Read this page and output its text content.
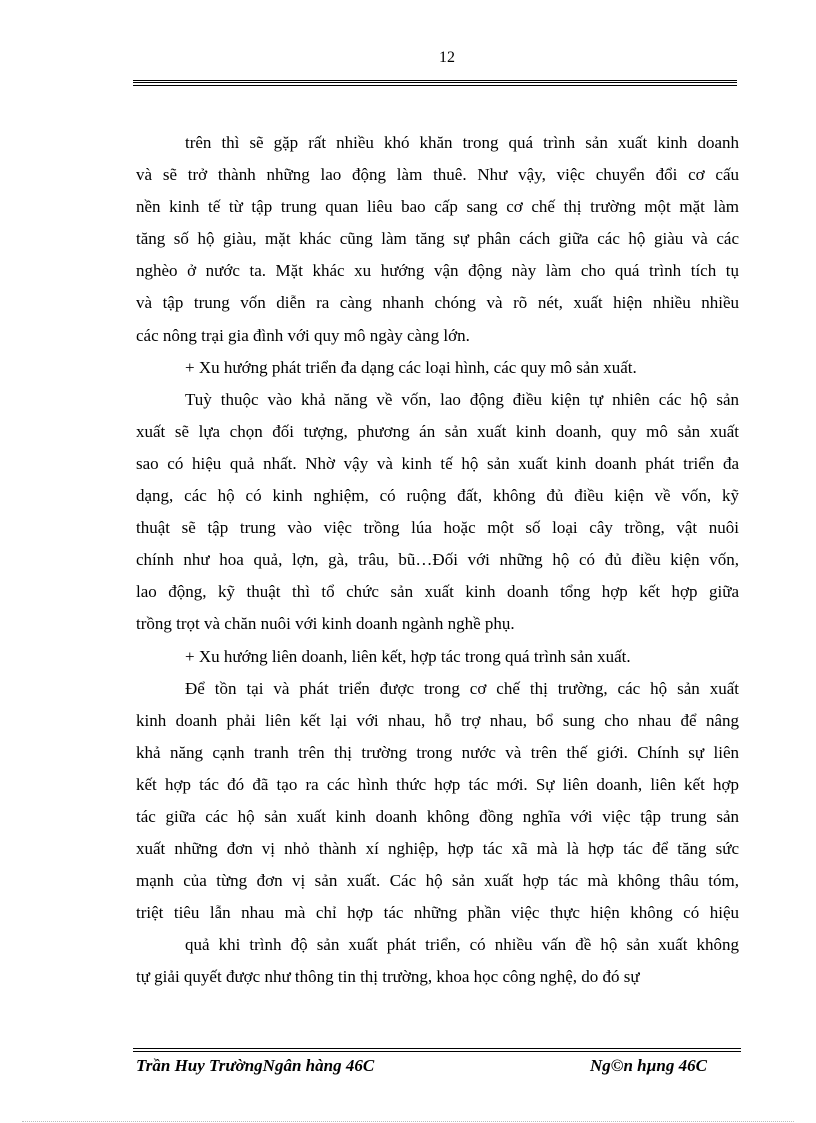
12
trên thì sẽ gặp rất nhiều khó khăn trong quá trình sản xuất kinh doanh
và sẽ trở thành những lao động làm thuê. Như vậy, việc chuyển đổi cơ cấu
nền kinh tế từ tập trung quan liêu bao cấp sang cơ chế thị trường một mặt làm
tăng số hộ giàu, mặt khác cũng làm tăng sự phân cách giữa các hộ giàu và các
nghèo ở nước ta. Mặt khác xu hướng vận động này làm cho quá trình tích tụ
và tập trung vốn diễn ra càng nhanh chóng và rõ nét, xuất hiện nhiều nhiều
các nông trại gia đình với quy mô ngày càng lớn.
+ Xu hướng phát triển đa dạng các loại hình, các quy mô sản xuất.
Tuỳ thuộc vào khả năng về vốn, lao động điều kiện tự nhiên các hộ sản
xuất sẽ lựa chọn đối tượng, phương án sản xuất kinh doanh, quy mô sản xuất
sao có hiệu quả nhất. Nhờ vậy và kinh tế hộ sản xuất kinh doanh phát triển đa
dạng, các hộ có kinh nghiệm, có ruộng đất, không đủ điều kiện về vốn, kỹ
thuật sẽ tập trung vào việc trồng lúa hoặc một số loại cây trồng, vật nuôi
chính như hoa quả, lợn, gà, trâu, bũ…Đối với những hộ có đủ điều kiện vốn,
lao động, kỹ thuật thì tổ chức sản xuất kinh doanh tổng hợp kết hợp giữa
trồng trọt và chăn nuôi với kinh doanh ngành nghề phụ.
+ Xu hướng liên doanh, liên kết, hợp tác trong quá trình sản xuất.
Để tồn tại và phát triển được trong cơ chế thị trường, các hộ sản xuất
kinh doanh phải liên kết lại với nhau, hỗ trợ nhau, bổ sung cho nhau để nâng
khả năng cạnh tranh trên thị trường trong nước và trên thế giới. Chính sự liên
kết hợp tác đó đã tạo ra các hình thức hợp tác mới. Sự liên doanh, liên kết hợp
tác giữa các hộ sản xuất kinh doanh không đồng nghĩa với việc tập trung sản
xuất những đơn vị nhỏ thành xí nghiệp, hợp tác xã mà là hợp tác để tăng sức
mạnh của từng đơn vị sản xuất. Các hộ sản xuất hợp tác mà không thâu tóm,
triệt tiêu lẫn nhau mà chỉ hợp tác những phần việc thực hiện không có hiệu
quả khi trình độ sản xuất phát triển, có nhiều vấn đề hộ sản xuất không
tự giải quyết được như thông tin thị trường, khoa học công nghệ, do đó sự
Trần Huy TrườngNgân hàng 46C	Ng©n hµng 46C
